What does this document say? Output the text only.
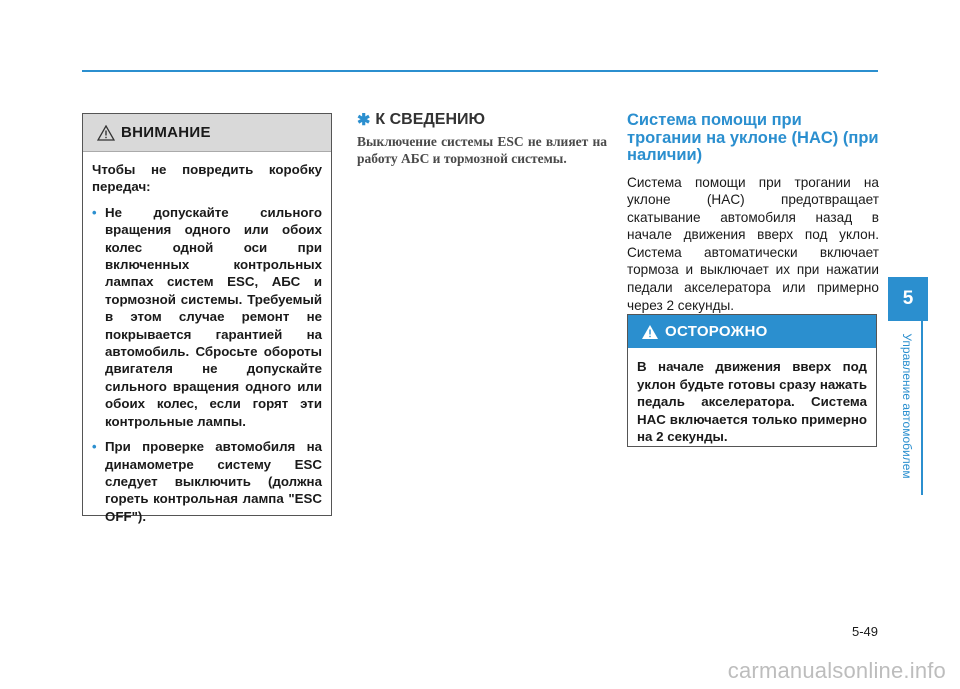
ВНИМАНИЕ

Чтобы не повредить коробку передач:

• Не допускайте сильного вращения одного или обоих колес одной оси при включенных контрольных лампах систем ESC, АБС и тормозной системы. Требуемый в этом случае ремонт не покрывается гарантией на автомобиль. Сбросьте обороты двигателя не допускайте сильного вращения одного или обоих колес, если горят эти контрольные лампы.
• При проверке автомобиля на динамометре систему ESC следует выключить (должна гореть контрольная лампа "ESC OFF").
✱ К СВЕДЕНИЮ

Выключение системы ESC не влияет на работу АБС и тормозной системы.

Система помощи при трогании на уклоне (HAC) (при наличии)

Система помощи при трогании на уклоне (HAC) предотвращает скатывание автомобиля назад в начале движения вверх под уклон. Система автоматически включает тормоза и выключает их при нажатии педали акселератора или примерно через 2 секунды.

ОСТОРОЖНО

В начале движения вверх под уклон будьте готовы сразу нажать педаль акселератора. Система HAC включается только примерно на 2 секунды.

5
Управление автомобилем
5-49
carmanualsonline.info
